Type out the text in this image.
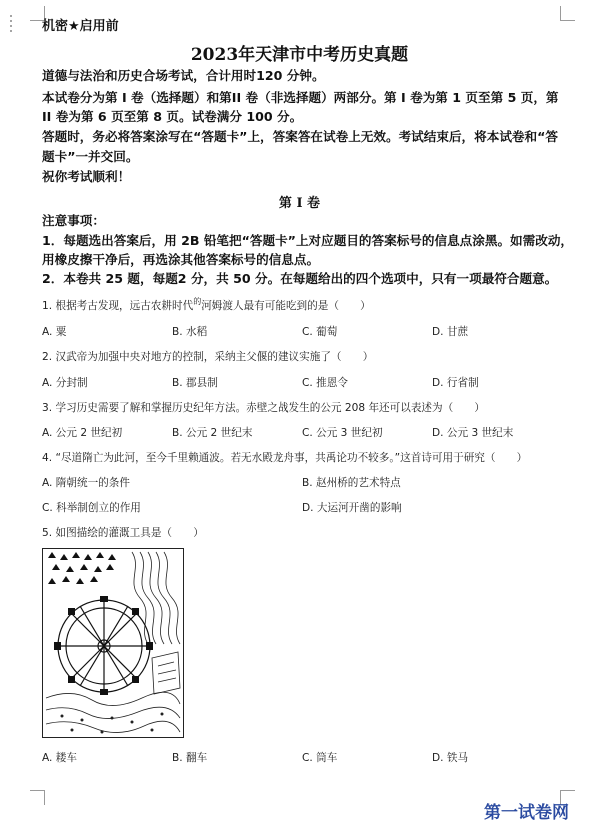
机密★启用前
2023年天津市中考历史真题
道德与法治和历史合场考试，合计用时120 分钟。
本试卷分为第 I 卷（选择题）和第II 卷（非选择题）两部分。第 I 卷为第 1 页至第 5 页，第
II 卷为第 6 页至第 8 页。试卷满分 100 分。
答题时，务必将答案涂写在“答题卡”上，答案答在试卷上无效。考试结束后，将本试卷和“答
题卡”一并交回。
祝你考试顺利！
第 I 卷
注意事项：
1．每题选出答案后，用 2B 铅笔把“答题卡”上对应题目的答案标号的信息点涂黑。如需改动，
用橡皮擦干净后，再选涂其他答案标号的信息点。
2．本卷共 25 题，每题2 分，共 50 分。在每题给出的四个选项中，只有一项最符合题意。
1. 根据考古发现，远古农耕时代$^的$河姆渡人最有可能吃到的是（　　）
A. 粟	B. 水稻	C. 葡萄	D. 甘蔗
2. 汉武帝为加强中央对地方的控制，采纳主父偃的建议实施了（　　）
A. 分封制	B. 郡县制	C. 推恩令	D. 行省制
3. 学习历史需要了解和掌握历史纪年方法。赤壁之战发生的公元 208 年还可以表述为（　　）
A. 公元 2 世纪初	B. 公元 2 世纪末	C. 公元 3 世纪初	D. 公元 3 世纪末
4. “尽道隋亡为此河，至今千里赖通波。若无水殿龙舟事，共禹论功不较多。”这首诗可用于研究（　　）
A. 隋朝统一的条件	B. 赵州桥的艺术特点
C. 科举制创立的作用	D. 大运河开凿的影响
5. 如图描绘的灌溉工具是（　　）
A. 耧车	B. 翻车	C. 筒车	D. 铁马
第一试卷网
